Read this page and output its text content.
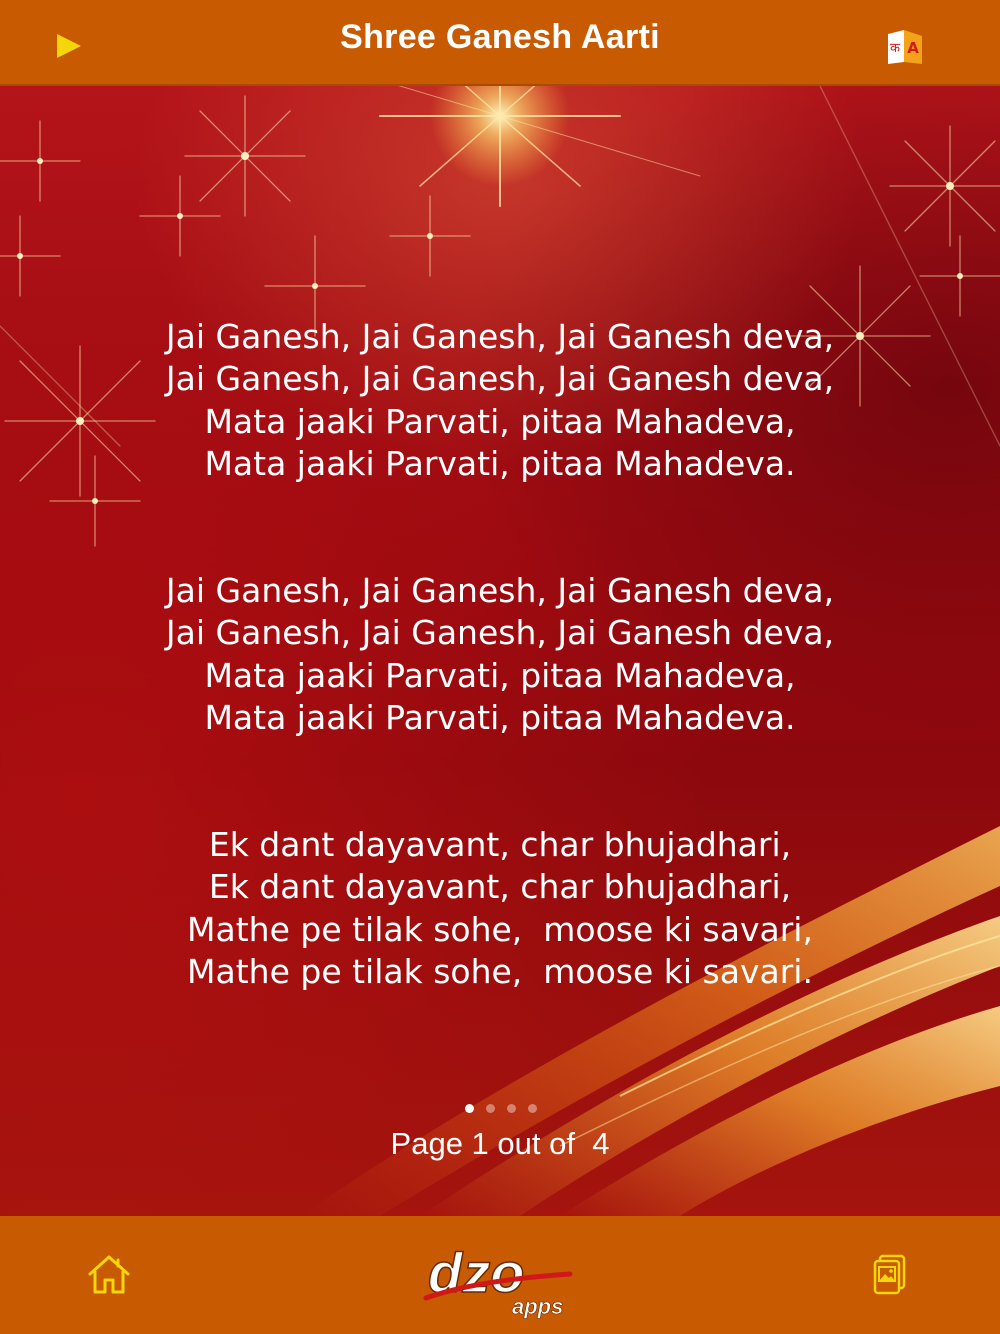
Shree Ganesh Aarti	क A
Jai Ganesh, Jai Ganesh, Jai Ganesh deva,
Jai Ganesh, Jai Ganesh, Jai Ganesh deva,
Mata jaaki Parvati, pitaa Mahadeva,
Mata jaaki Parvati, pitaa Mahadeva.
Jai Ganesh, Jai Ganesh, Jai Ganesh deva,
Jai Ganesh, Jai Ganesh, Jai Ganesh deva,
Mata jaaki Parvati, pitaa Mahadeva,
Mata jaaki Parvati, pitaa Mahadeva.
Ek dant dayavant, char bhujadhari,
Ek dant dayavant, char bhujadhari,
Mathe pe tilak sohe,  moose ki savari,
Mathe pe tilak sohe,  moose ki savari.
Page 1 out of  4
dzo
apps
